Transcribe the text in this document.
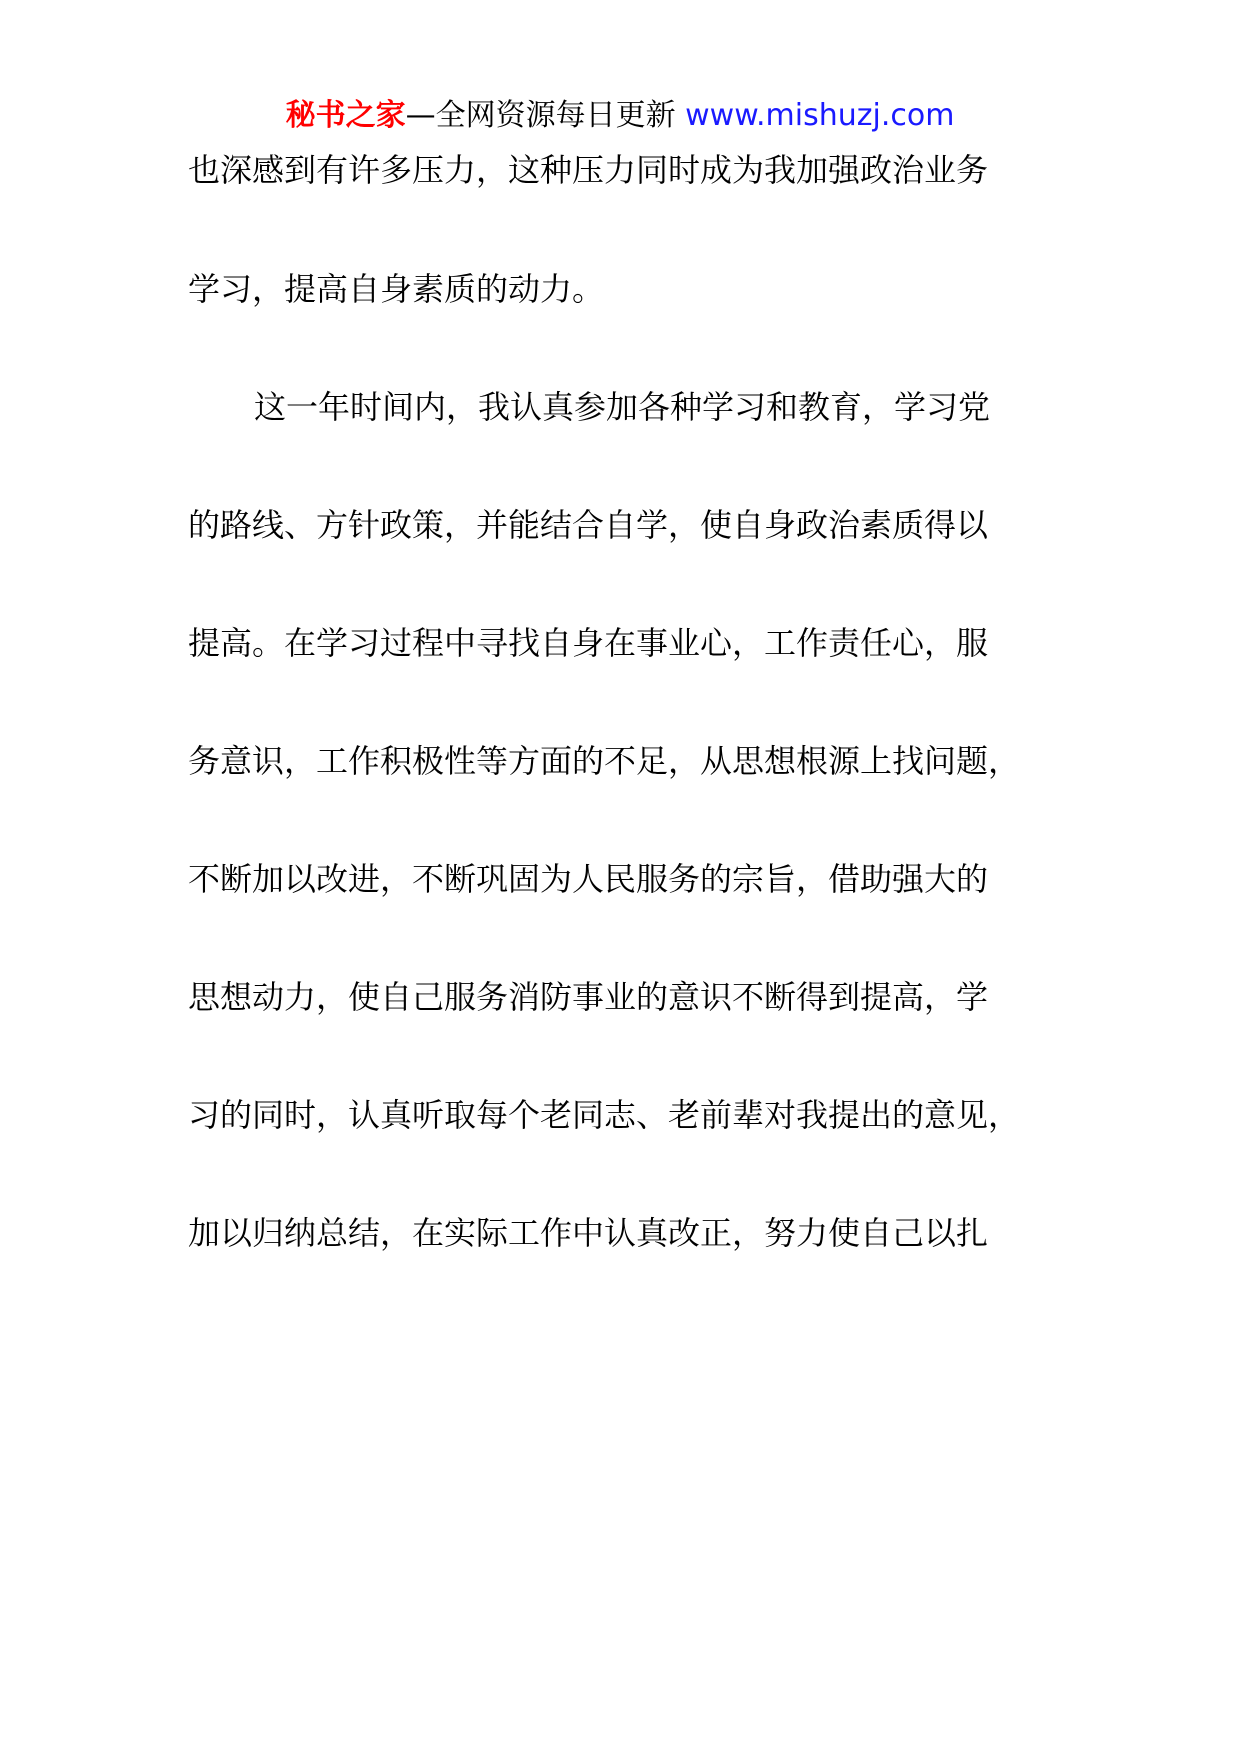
秘书之家—全网资源每日更新 www.mishuzj.com
也深感到有许多压力，这种压力同时成为我加强政治业务
学习，提高自身素质的动力。
这一年时间内，我认真参加各种学习和教育，学习党
的路线、方针政策，并能结合自学，使自身政治素质得以
提高。在学习过程中寻找自身在事业心，工作责任心，服
务意识，工作积极性等方面的不足，从思想根源上找问题，
不断加以改进，不断巩固为人民服务的宗旨，借助强大的
思想动力，使自己服务消防事业的意识不断得到提高，学
习的同时，认真听取每个老同志、老前辈对我提出的意见，
加以归纳总结，在实际工作中认真改正，努力使自己以扎
